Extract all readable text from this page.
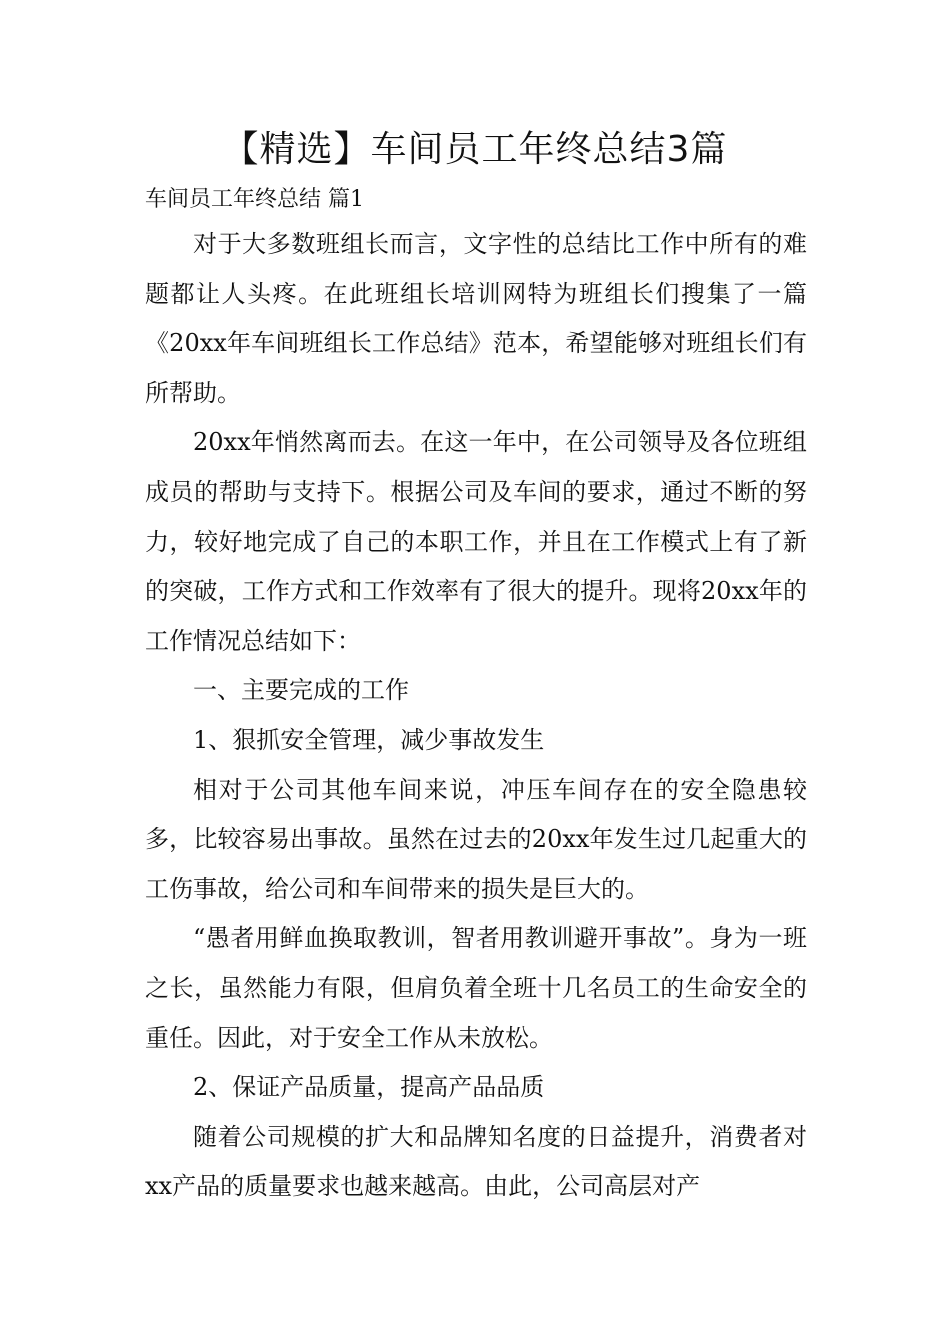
【精选】车间员工年终总结3篇

车间员工年终总结 篇1

对于大多数班组长而言，文字性的总结比工作中所有的难题都让人头疼。在此班组长培训网特为班组长们搜集了一篇《20xx年车间班组长工作总结》范本，希望能够对班组长们有所帮助。

20xx年悄然离而去。在这一年中，在公司领导及各位班组成员的帮助与支持下。根据公司及车间的要求，通过不断的努力，较好地完成了自己的本职工作，并且在工作模式上有了新的突破，工作方式和工作效率有了很大的提升。现将20xx年的工作情况总结如下：

一、主要完成的工作

1、狠抓安全管理，减少事故发生

相对于公司其他车间来说，冲压车间存在的安全隐患较多，比较容易出事故。虽然在过去的20xx年发生过几起重大的工伤事故，给公司和车间带来的损失是巨大的。

“愚者用鲜血换取教训，智者用教训避开事故”。身为一班之长，虽然能力有限，但肩负着全班十几名员工的生命安全的重任。因此，对于安全工作从未放松。

2、保证产品质量，提高产品品质

随着公司规模的扩大和品牌知名度的日益提升，消费者对xx产品的质量要求也越来越高。由此，公司高层对产
